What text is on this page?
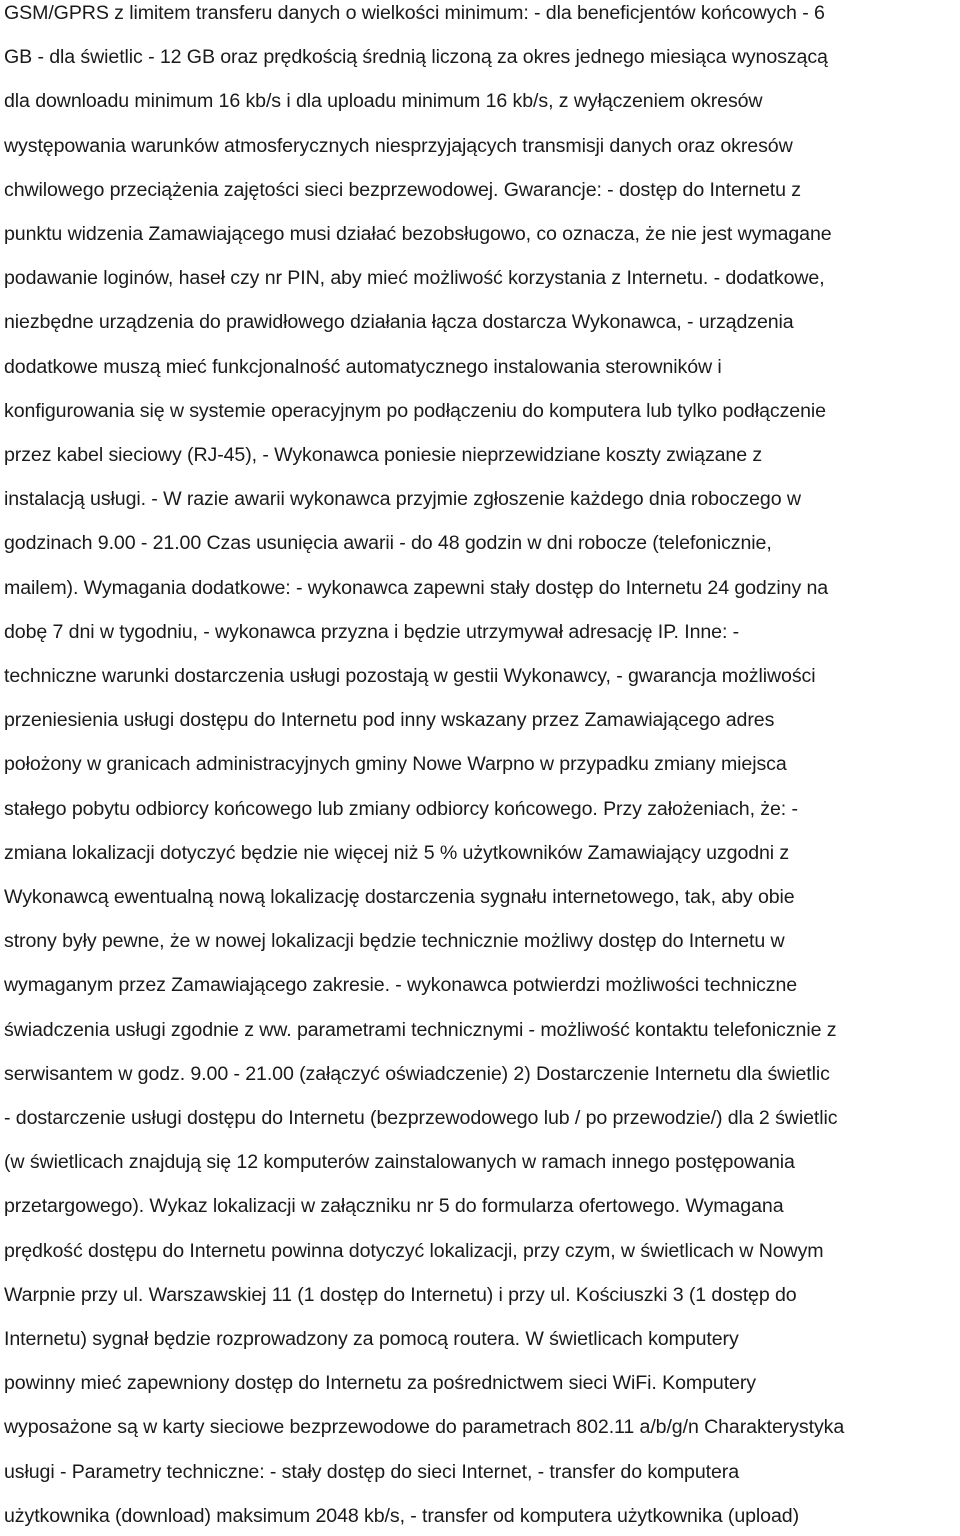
GSM/GPRS z limitem transferu danych o wielkości minimum: - dla beneficjentów końcowych - 6
GB - dla świetlic - 12 GB oraz prędkością średnią liczoną za okres jednego miesiąca wynoszącą
dla downloadu minimum 16 kb/s i dla uploadu minimum 16 kb/s, z wyłączeniem okresów
występowania warunków atmosferycznych niesprzyjających transmisji danych oraz okresów
chwilowego przeciążenia zajętości sieci bezprzewodowej. Gwarancje: - dostęp do Internetu z
punktu widzenia Zamawiającego musi działać bezobsługowo, co oznacza, że nie jest wymagane
podawanie loginów, haseł czy nr PIN, aby mieć możliwość korzystania z Internetu. - dodatkowe,
niezbędne urządzenia do prawidłowego działania łącza dostarcza Wykonawca, - urządzenia
dodatkowe muszą mieć funkcjonalność automatycznego instalowania sterowników i
konfigurowania się w systemie operacyjnym po podłączeniu do komputera lub tylko podłączenie
przez kabel sieciowy (RJ-45), - Wykonawca poniesie nieprzewidziane koszty związane z
instalacją usługi. - W razie awarii wykonawca przyjmie zgłoszenie każdego dnia roboczego w
godzinach 9.00 - 21.00 Czas usunięcia awarii - do 48 godzin w dni robocze (telefonicznie,
mailem). Wymagania dodatkowe: - wykonawca zapewni stały dostęp do Internetu 24 godziny na
dobę 7 dni w tygodniu, - wykonawca przyzna i będzie utrzymywał adresację IP. Inne: -
techniczne warunki dostarczenia usługi pozostają w gestii Wykonawcy, - gwarancja możliwości
przeniesienia usługi dostępu do Internetu pod inny wskazany przez Zamawiającego adres
położony w granicach administracyjnych gminy Nowe Warpno w przypadku zmiany miejsca
stałego pobytu odbiorcy końcowego lub zmiany odbiorcy końcowego. Przy założeniach, że: -
zmiana lokalizacji dotyczyć będzie nie więcej niż 5 % użytkowników Zamawiający uzgodni z
Wykonawcą ewentualną nową lokalizację dostarczenia sygnału internetowego, tak, aby obie
strony były pewne, że w nowej lokalizacji będzie technicznie możliwy dostęp do Internetu w
wymaganym przez Zamawiającego zakresie. - wykonawca potwierdzi możliwości techniczne
świadczenia usługi zgodnie z ww. parametrami technicznymi - możliwość kontaktu telefonicznie z
serwisantem w godz. 9.00 - 21.00 (załączyć oświadczenie) 2) Dostarczenie Internetu dla świetlic
- dostarczenie usługi dostępu do Internetu (bezprzewodowego lub / po przewodzie/) dla 2 świetlic
(w świetlicach znajdują się 12 komputerów zainstalowanych w ramach innego postępowania
przetargowego). Wykaz lokalizacji w załączniku nr 5 do formularza ofertowego. Wymagana
prędkość dostępu do Internetu powinna dotyczyć lokalizacji, przy czym, w świetlicach w Nowym
Warpnie przy ul. Warszawskiej 11 (1 dostęp do Internetu) i przy ul. Kościuszki 3 (1 dostęp do
Internetu) sygnał będzie rozprowadzony za pomocą routera. W świetlicach komputery
powinny mieć zapewniony dostęp do Internetu za pośrednictwem sieci WiFi. Komputery
wyposażone są w karty sieciowe bezprzewodowe do parametrach 802.11 a/b/g/n Charakterystyka
usługi - Parametry techniczne: - stały dostęp do sieci Internet, - transfer do komputera
użytkownika (download) maksimum 2048 kb/s, - transfer od komputera użytkownika (upload)
